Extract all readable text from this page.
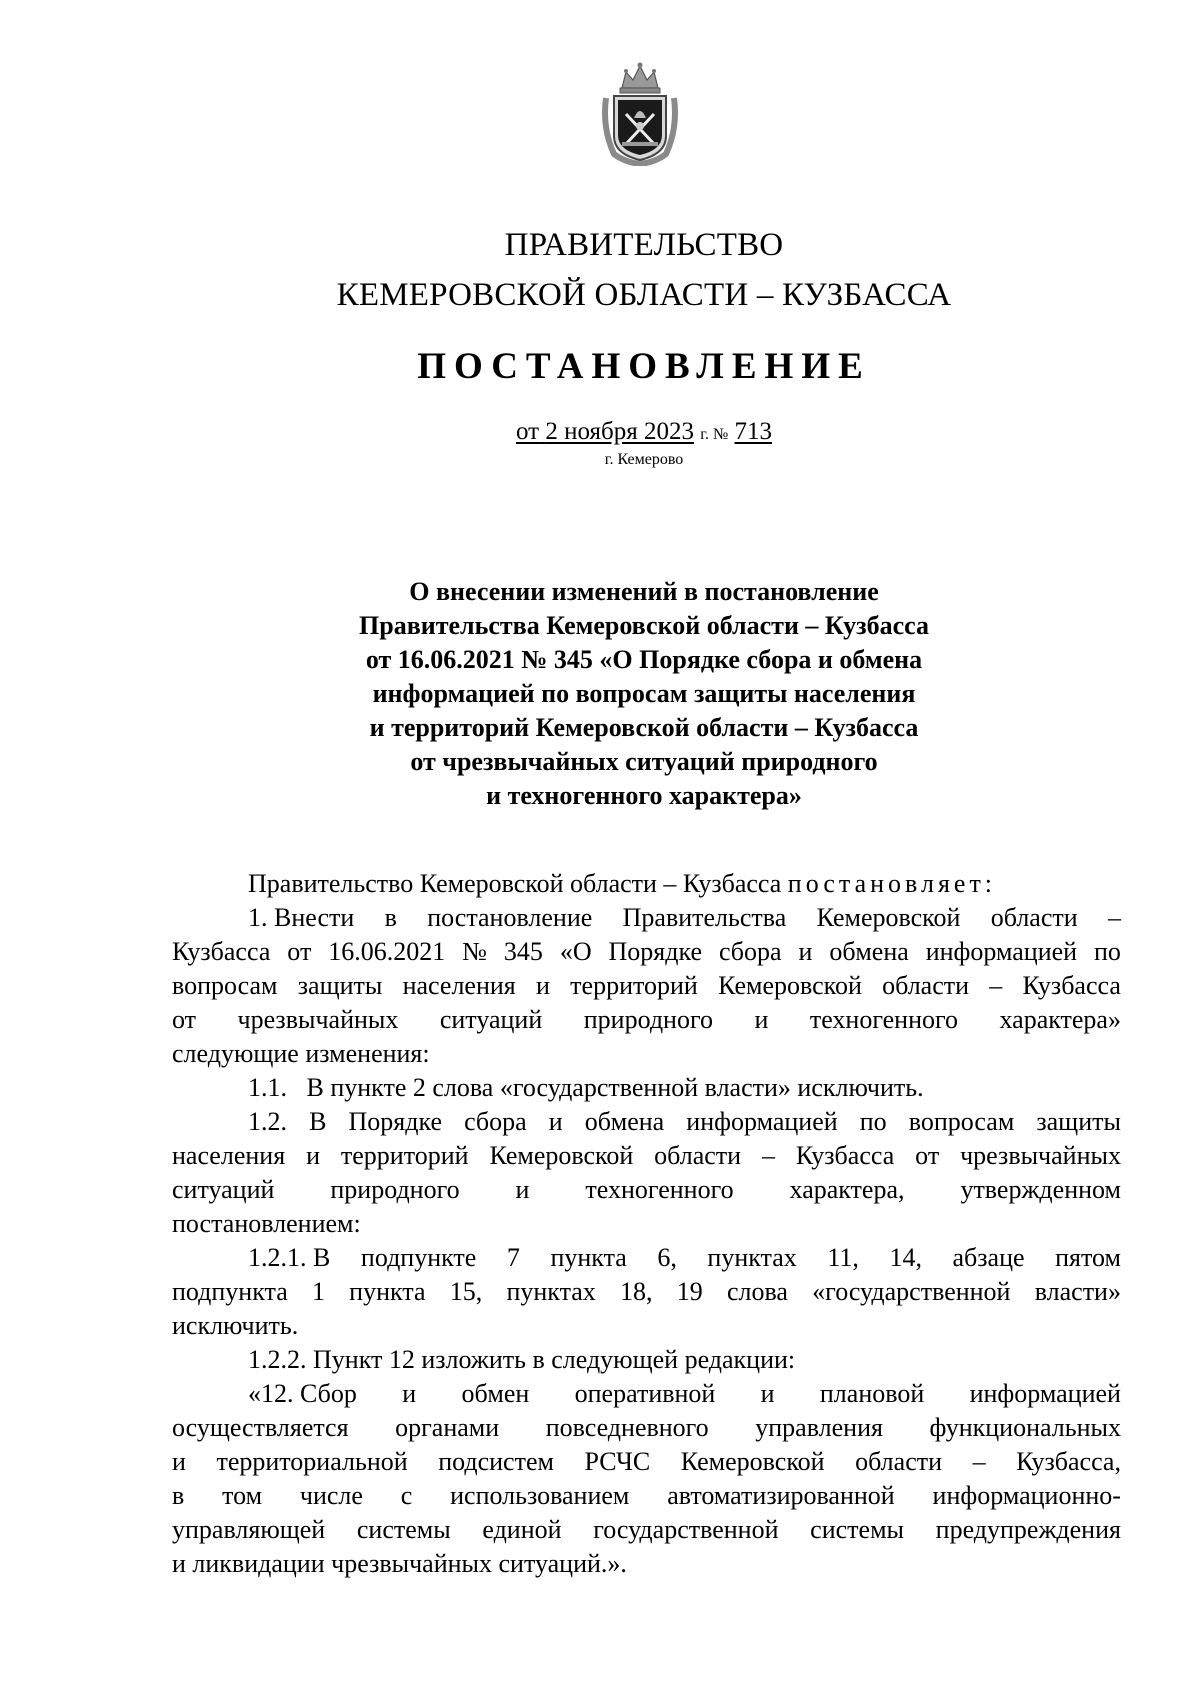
ПРАВИТЕЛЬСТВО
КЕМЕРОВСКОЙ ОБЛАСТИ – КУЗБАССА
ПОСТАНОВЛЕНИЕ
от 2 ноября 2023 г. № 713
г. Кемерово
О внесении изменений в постановление
Правительства Кемеровской области – Кузбасса
от 16.06.2021 № 345 «О Порядке сбора и обмена
информацией по вопросам защиты населения
и территорий Кемеровской области – Кузбасса
от чрезвычайных ситуаций природного
и техногенного характера»
Правительство Кемеровской области – Кузбасса
постановляет:
1. Внести в постановление Правительства Кемеровской области –
Кузбасса от 16.06.2021 № 345 «О Порядке сбора и обмена информацией по
вопросам защиты населения и территорий Кемеровской области – Кузбасса
от чрезвычайных ситуаций природного и техногенного характера»
следующие изменения:
1.1.   В пункте 2 слова «государственной власти» исключить.
1.2. В Порядке сбора и обмена информацией по вопросам защиты
населения и территорий Кемеровской области – Кузбасса от чрезвычайных
ситуаций природного и техногенного характера, утвержденном
постановлением:
1.2.1. В подпункте 7 пункта 6, пунктах 11, 14, абзаце пятом
подпункта 1 пункта 15, пунктах 18, 19 слова «государственной власти»
исключить.
1.2.2. Пункт 12 изложить в следующей редакции:
«12. Сбор и обмен оперативной и плановой информацией
осуществляется органами повседневного управления функциональных
и территориальной подсистем РСЧС Кемеровской области – Кузбасса,
в том числе с использованием автоматизированной информационно-
управляющей системы единой государственной системы предупреждения
и ликвидации чрезвычайных ситуаций.».
